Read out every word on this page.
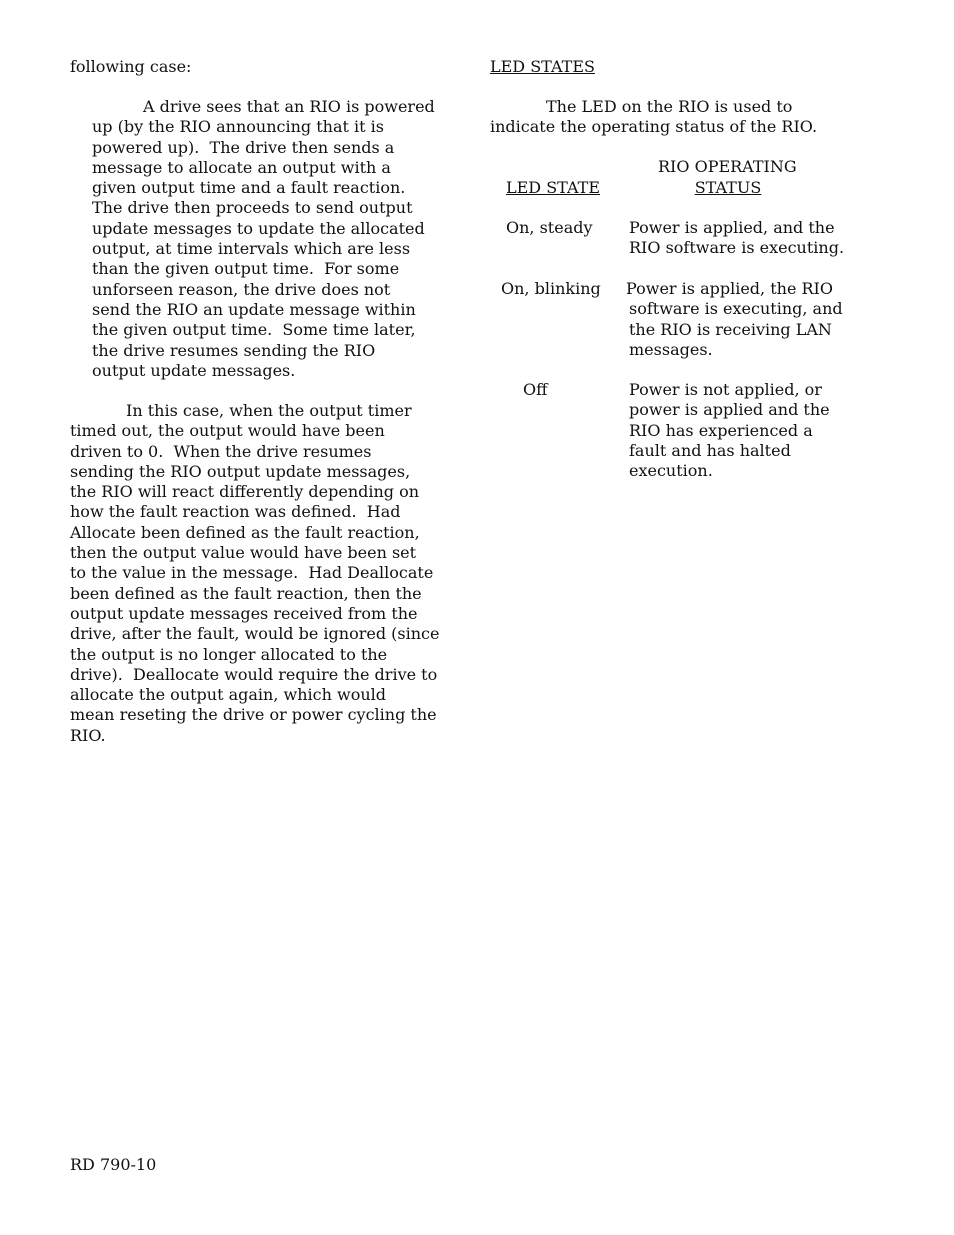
following case:

A drive sees that an RIO is powered
up (by the RIO announcing that it is
powered up).  The drive then sends a
message to allocate an output with a
given output time and a fault reaction.
The drive then proceeds to send output
update messages to update the allocated
output, at time intervals which are less
than the given output time.  For some
unforseen reason, the drive does not
send the RIO an update message within
the given output time.  Some time later,
the drive resumes sending the RIO
output update messages.
In this case, when the output timer
timed out, the output would have been
driven to 0.  When the drive resumes
sending the RIO output update messages,
the RIO will react differently depending on
how the fault reaction was defined.  Had
Allocate been defined as the fault reaction,
then the output value would have been set
to the value in the message.  Had Deallocate
been defined as the fault reaction, then the
output update messages received from the
drive, after the fault, would be ignored (since
the output is no longer allocated to the
drive).  Deallocate would require the drive to
allocate the output again, which would
mean reseting the drive or power cycling the
RIO.

LED STATES

The LED on the RIO is used to
indicate the operating status of the RIO.

RIO OPERATING

LED STATE	STATUS

On, steady Power is applied, and the
RIO software is executing.

On, blinking Power is applied, the RIO
software is executing, and
the RIO is receiving LAN
messages.

Off	Power is not applied, or
power is applied and the
RIO has experienced a
fault and has halted
execution.

RD 790-10
